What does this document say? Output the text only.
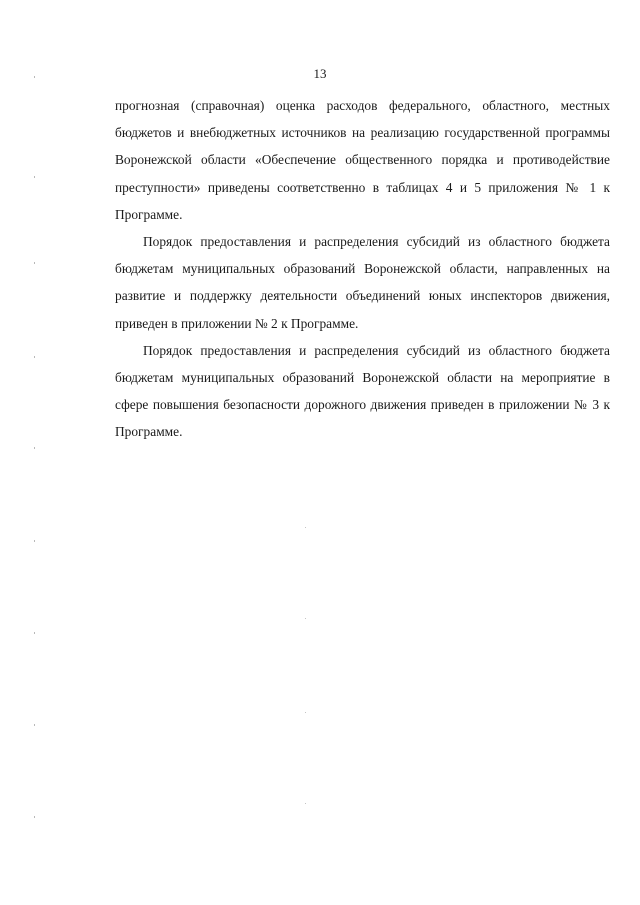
13

прогнозная (справочная) оценка расходов федерального, областного, местных бюджетов и внебюджетных источников на реализацию государственной программы Воронежской области «Обеспечение общественного порядка и противодействие преступности» приведены соответственно в таблицах 4 и 5 приложения № 1 к Программе.

Порядок предоставления и распределения субсидий из областного бюджета бюджетам муниципальных образований Воронежской области, направленных на развитие и поддержку деятельности объединений юных инспекторов движения, приведен в приложении № 2 к Программе.

Порядок предоставления и распределения субсидий из областного бюджета бюджетам муниципальных образований Воронежской области на мероприятие в сфере повышения безопасности дорожного движения приведен в приложении № 3 к Программе.
